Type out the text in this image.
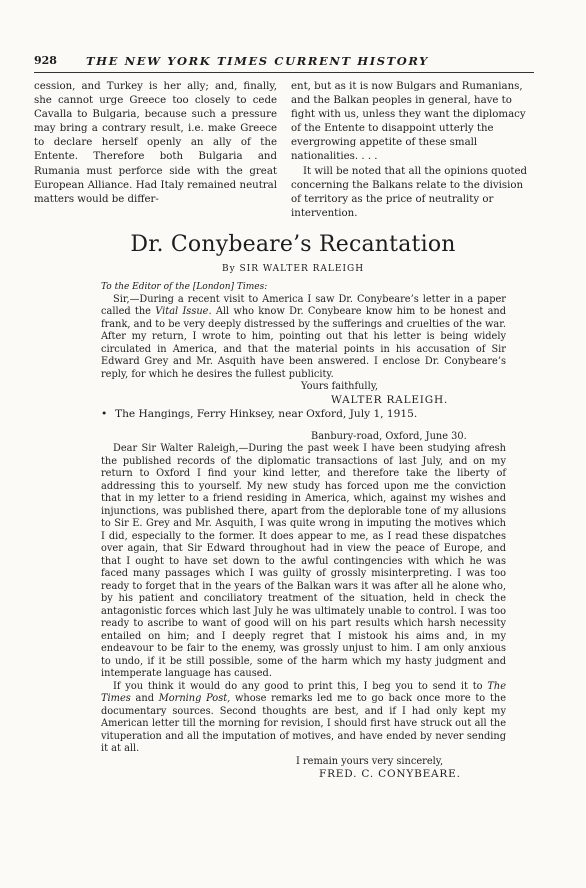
928	THE NEW YORK TIMES CURRENT HISTORY

cession, and Turkey is her ally; and, finally, she cannot urge Greece too closely to cede Cavalla to Bulgaria, because such a pressure may bring a contrary result, i.e. make Greece to declare herself openly an ally of the Entente. Therefore both Bulgaria and Rumania must perforce side with the great European Alliance. Had Italy remained neutral matters would be differ-

ent, but as it is now Bulgars and Rumanians, and the Balkan peoples in general, have to fight with us, unless they want the diplomacy of the Entente to disappoint utterly the evergrowing appetite of these small nationalities. . . .

It will be noted that all the opinions quoted concerning the Balkans relate to the division of territory as the price of neutrality or intervention.

Dr. Conybeare’s Recantation
By SIR WALTER RALEIGH

To the Editor of the [London] Times:

Sir,—During a recent visit to America I saw Dr. Conybeare’s letter in a paper called the Vital Issue. All who know Dr. Conybeare know him to be honest and frank, and to be very deeply distressed by the sufferings and cruelties of the war. After my return, I wrote to him, pointing out that his letter is being widely circulated in America, and that the material points in his accusation of Sir Edward Grey and Mr. Asquith have been answered. I enclose Dr. Conybeare’s reply, for which he desires the fullest publicity.

Yours faithfully,

WALTER RALEIGH.

• The Hangings, Ferry Hinksey, near Oxford, July 1, 1915.

Banbury-road, Oxford, June 30.

Dear Sir Walter Raleigh,—During the past week I have been studying afresh the published records of the diplomatic transactions of last July, and on my return to Oxford I find your kind letter, and therefore take the liberty of addressing this to yourself. My new study has forced upon me the conviction that in my letter to a friend residing in America, which, against my wishes and injunctions, was published there, apart from the deplorable tone of my allusions to Sir E. Grey and Mr. Asquith, I was quite wrong in imputing the motives which I did, especially to the former. It does appear to me, as I read these dispatches over again, that Sir Edward throughout had in view the peace of Europe, and that I ought to have set down to the awful contingencies with which he was faced many passages which I was guilty of grossly misinterpreting. I was too ready to forget that in the years of the Balkan wars it was after all he alone who, by his patient and conciliatory treatment of the situation, held in check the antagonistic forces which last July he was ultimately unable to control. I was too ready to ascribe to want of good will on his part results which harsh necessity entailed on him; and I deeply regret that I mistook his aims and, in my endeavour to be fair to the enemy, was grossly unjust to him. I am only anxious to undo, if it be still possible, some of the harm which my hasty judgment and intemperate language has caused.

If you think it would do any good to print this, I beg you to send it to The Times and Morning Post, whose remarks led me to go back once more to the documentary sources. Second thoughts are best, and if I had only kept my American letter till the morning for revision, I should first have struck out all the vituperation and all the imputation of motives, and have ended by never sending it at all.

I remain yours very sincerely,

FRED. C. CONYBEARE.
